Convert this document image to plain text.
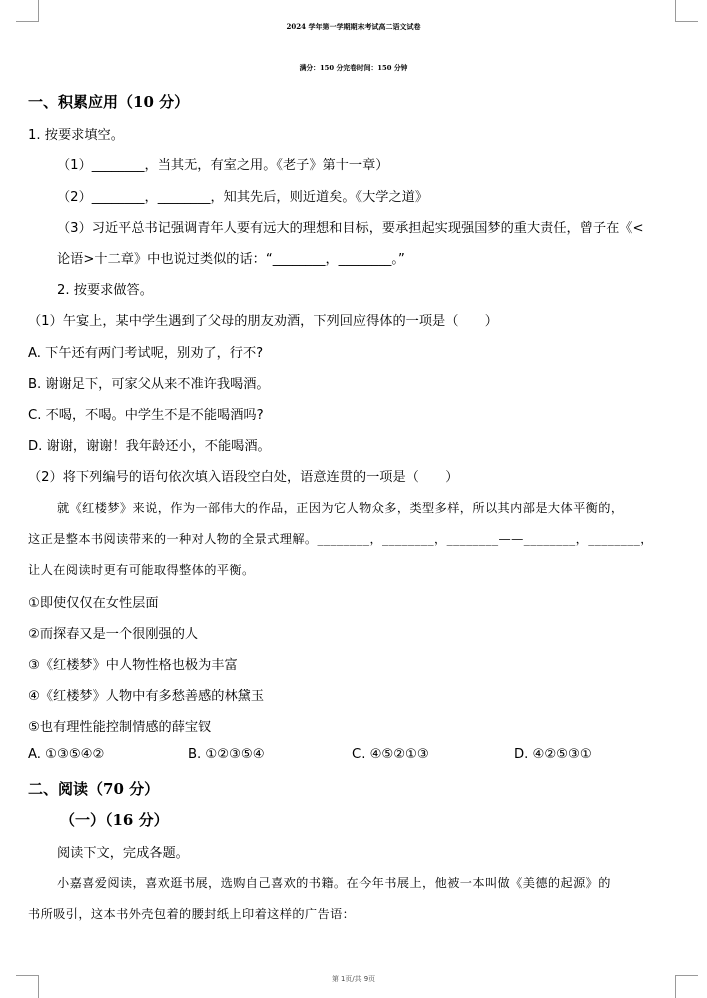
2024 学年第一学期期末考试高二语文试卷
满分：150 分完卷时间：150 分钟
一、积累应用（10 分）
1. 按要求填空。
（1）________，当其无，有室之用。《老子》第十一章）
（2）________，________，知其先后，则近道矣。《大学之道》
（3）习近平总书记强调青年人要有远大的理想和目标，要承担起实现强国梦的重大责任，曾子在《<
论语>十二章》中也说过类似的话：“________，________。”
2. 按要求做答。
（1）午宴上，某中学生遇到了父母的朋友劝酒，下列回应得体的一项是（　　）
A. 下午还有两门考试呢，别劝了，行不?
B. 谢谢足下，可家父从来不准许我喝酒。
C. 不喝，不喝。中学生不是不能喝酒吗?
D. 谢谢，谢谢！我年龄还小，不能喝酒。
（2）将下列编号的语句依次填入语段空白处，语意连贯的一项是（　　）
就《红楼梦》来说，作为一部伟大的作品，正因为它人物众多，类型多样，所以其内部是大体平衡的，
这正是整本书阅读带来的一种对人物的全景式理解。________，________，________——________，________，
让人在阅读时更有可能取得整体的平衡。
①即使仅仅在女性层面
②而探春又是一个很刚强的人
③《红楼梦》中人物性格也极为丰富
④《红楼梦》人物中有多愁善感的林黛玉
⑤也有理性能控制情感的薛宝钗
A. ①③⑤④②	B. ①②③⑤④	C. ④⑤②①③	D. ④②⑤③①
二、阅读（70 分）
（一）（16 分）
阅读下文，完成各题。
小嘉喜爱阅读，喜欢逛书展，选购自己喜欢的书籍。在今年书展上，他被一本叫做《美德的起源》的
书所吸引，这本书外壳包着的腰封纸上印着这样的广告语：
第 1页/共 9页
